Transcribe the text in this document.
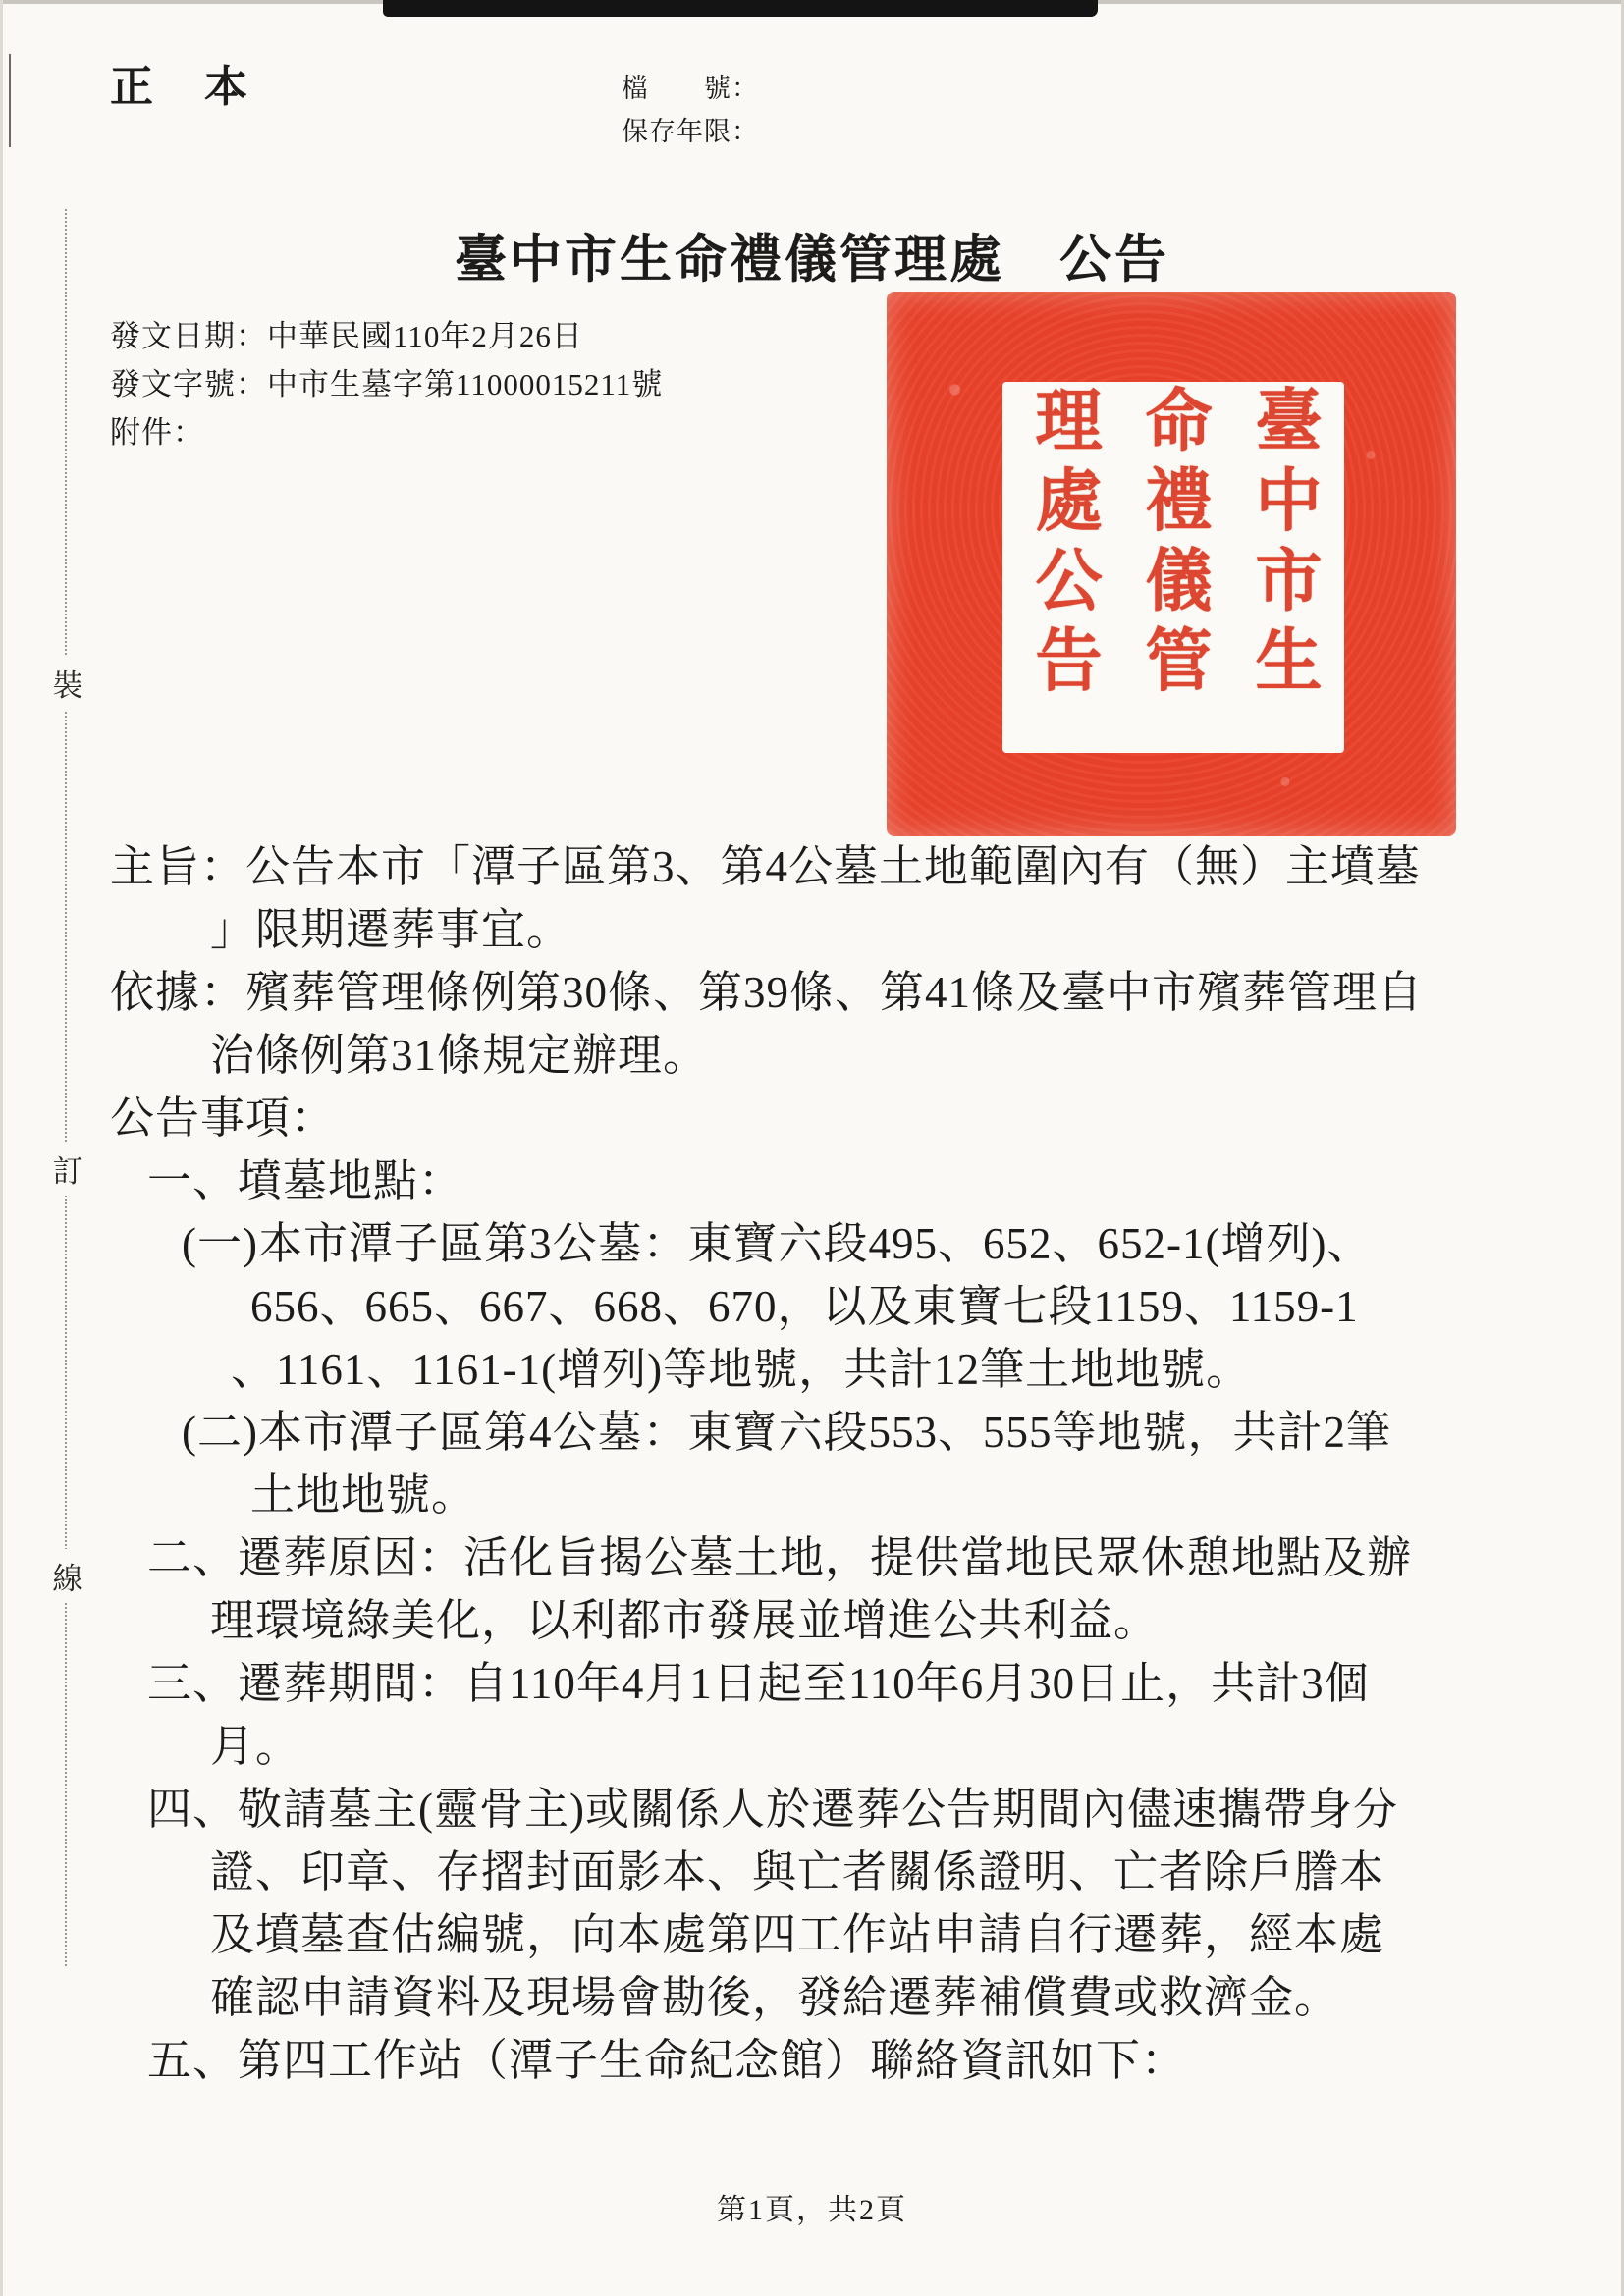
正　本	檔　　號：
保存年限：
臺中市生命禮儀管理處　公告
發文日期：中華民國110年2月26日
發文字號：中市生墓字第11000015211號
附件：	臺中市生
命禮儀管
理處公告
裝
訂
線
主旨：公告本市「潭子區第3、第4公墓土地範圍內有（無）主墳墓
」限期遷葬事宜。
依據：殯葬管理條例第30條、第39條、第41條及臺中市殯葬管理自
治條例第31條規定辦理。
公告事項：
一、墳墓地點：
(一)本市潭子區第3公墓：東寶六段495、652、652-1(增列)、
656、665、667、668、670，以及東寶七段1159、1159-1
、1161、1161-1(增列)等地號，共計12筆土地地號。
(二)本市潭子區第4公墓：東寶六段553、555等地號，共計2筆
土地地號。
二、遷葬原因：活化旨揭公墓土地，提供當地民眾休憩地點及辦
理環境綠美化，以利都市發展並增進公共利益。
三、遷葬期間：自110年4月1日起至110年6月30日止，共計3個
月。
四、敬請墓主(靈骨主)或關係人於遷葬公告期間內儘速攜帶身分
證、印章、存摺封面影本、與亡者關係證明、亡者除戶謄本
及墳墓查估編號，向本處第四工作站申請自行遷葬，經本處
確認申請資料及現場會勘後，發給遷葬補償費或救濟金。
五、第四工作站（潭子生命紀念館）聯絡資訊如下：
第1頁，共2頁
